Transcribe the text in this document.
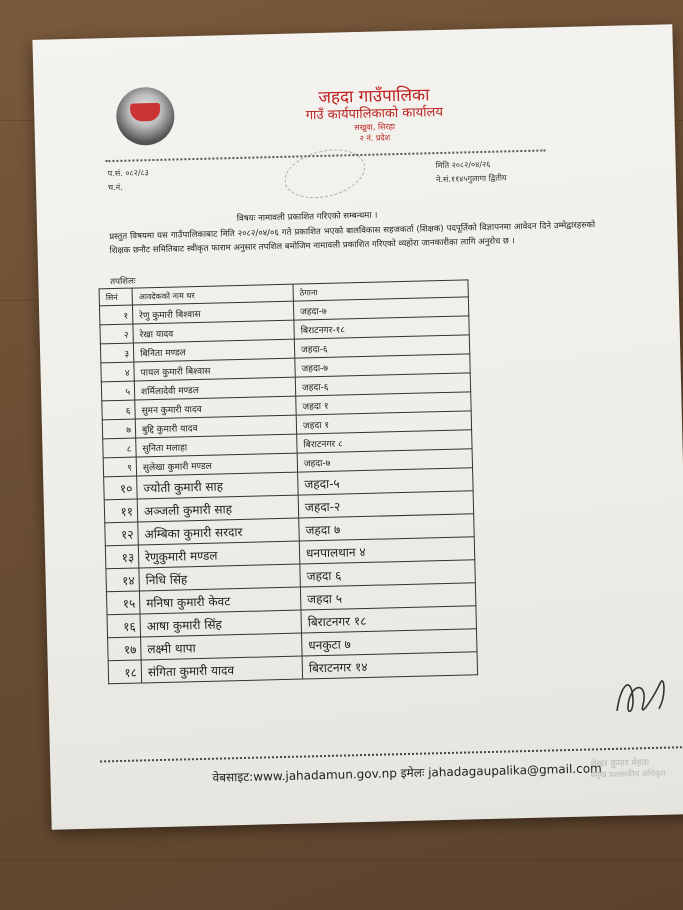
जहदा गाउँपालिका
गाउँ कार्यपालिकाको कार्यालय
सखुवा, सिरहा
२ नं. प्रदेश
प.सं. ०८२/८३
च.नं.
मिति २०८२/०४/२६
ने.सं.११४५गुलागा द्वितीय
विषयः नामावली प्रकाशित गरिएको सम्बन्धमा ।
प्रस्तुत विषयमा यस गाउँपालिकाबाट मिति २०८२/०४/०६ गते प्रकाशित भएको बालविकास सहजकर्ता (शिक्षक) पदपूर्तिको विज्ञापनमा आवेदन दिने उम्मेद्वारहरुको शिक्षक छनौट समितिबाट स्वीकृत फाराम अनुसार तपशिल बमोजिम नामावली प्रकाशित गरिएको व्यहोरा जानकारीका लागि अनुरोध छ ।
तपशिलः
सिनं	आवदेकको नाम थर	ठेगाना
१	रेणु कुमारी बिश्वास	जहदा-७
२	रेखा यादव	बिराटनगर-१८
३	बिनिता मण्डल	जहदा-६
४	पायल कुमारी बिश्वास	जहदा-७
५	शर्मिलादेवी मण्डल	जहदा-६
६	सुमन कुमारी यादव	जहदा १
७	बुद्दि कुमारी यादव	जहदा १
८	सुनिता मलाहा	बिराटनगर ८
९	सुलेखा कुमारी मण्डल	जहदा-७
१०	ज्योती कुमारी साह	जहदा-५
११	अञ्जली कुमारी साह	जहदा-२
१२	अम्बिका कुमारी सरदार	जहदा ७
१३	रेणुकुमारी मण्डल	धनपालथान ४
१४	निधि सिंह	जहदा ६
१५	मनिषा कुमारी केवट	जहदा ५
१६	आषा कुमारी सिंह	बिराटनगर १८
१७	लक्ष्मी थापा	धनकुटा ७
१८	संगिता कुमारी यादव	बिराटनगर १४
शेखर कुमार मेहता
प्रमुख प्रशासकीय अधिकृत
वेबसाइट:www.jahadamun.gov.np इमेलः jahadagaupalika@gmail.com
